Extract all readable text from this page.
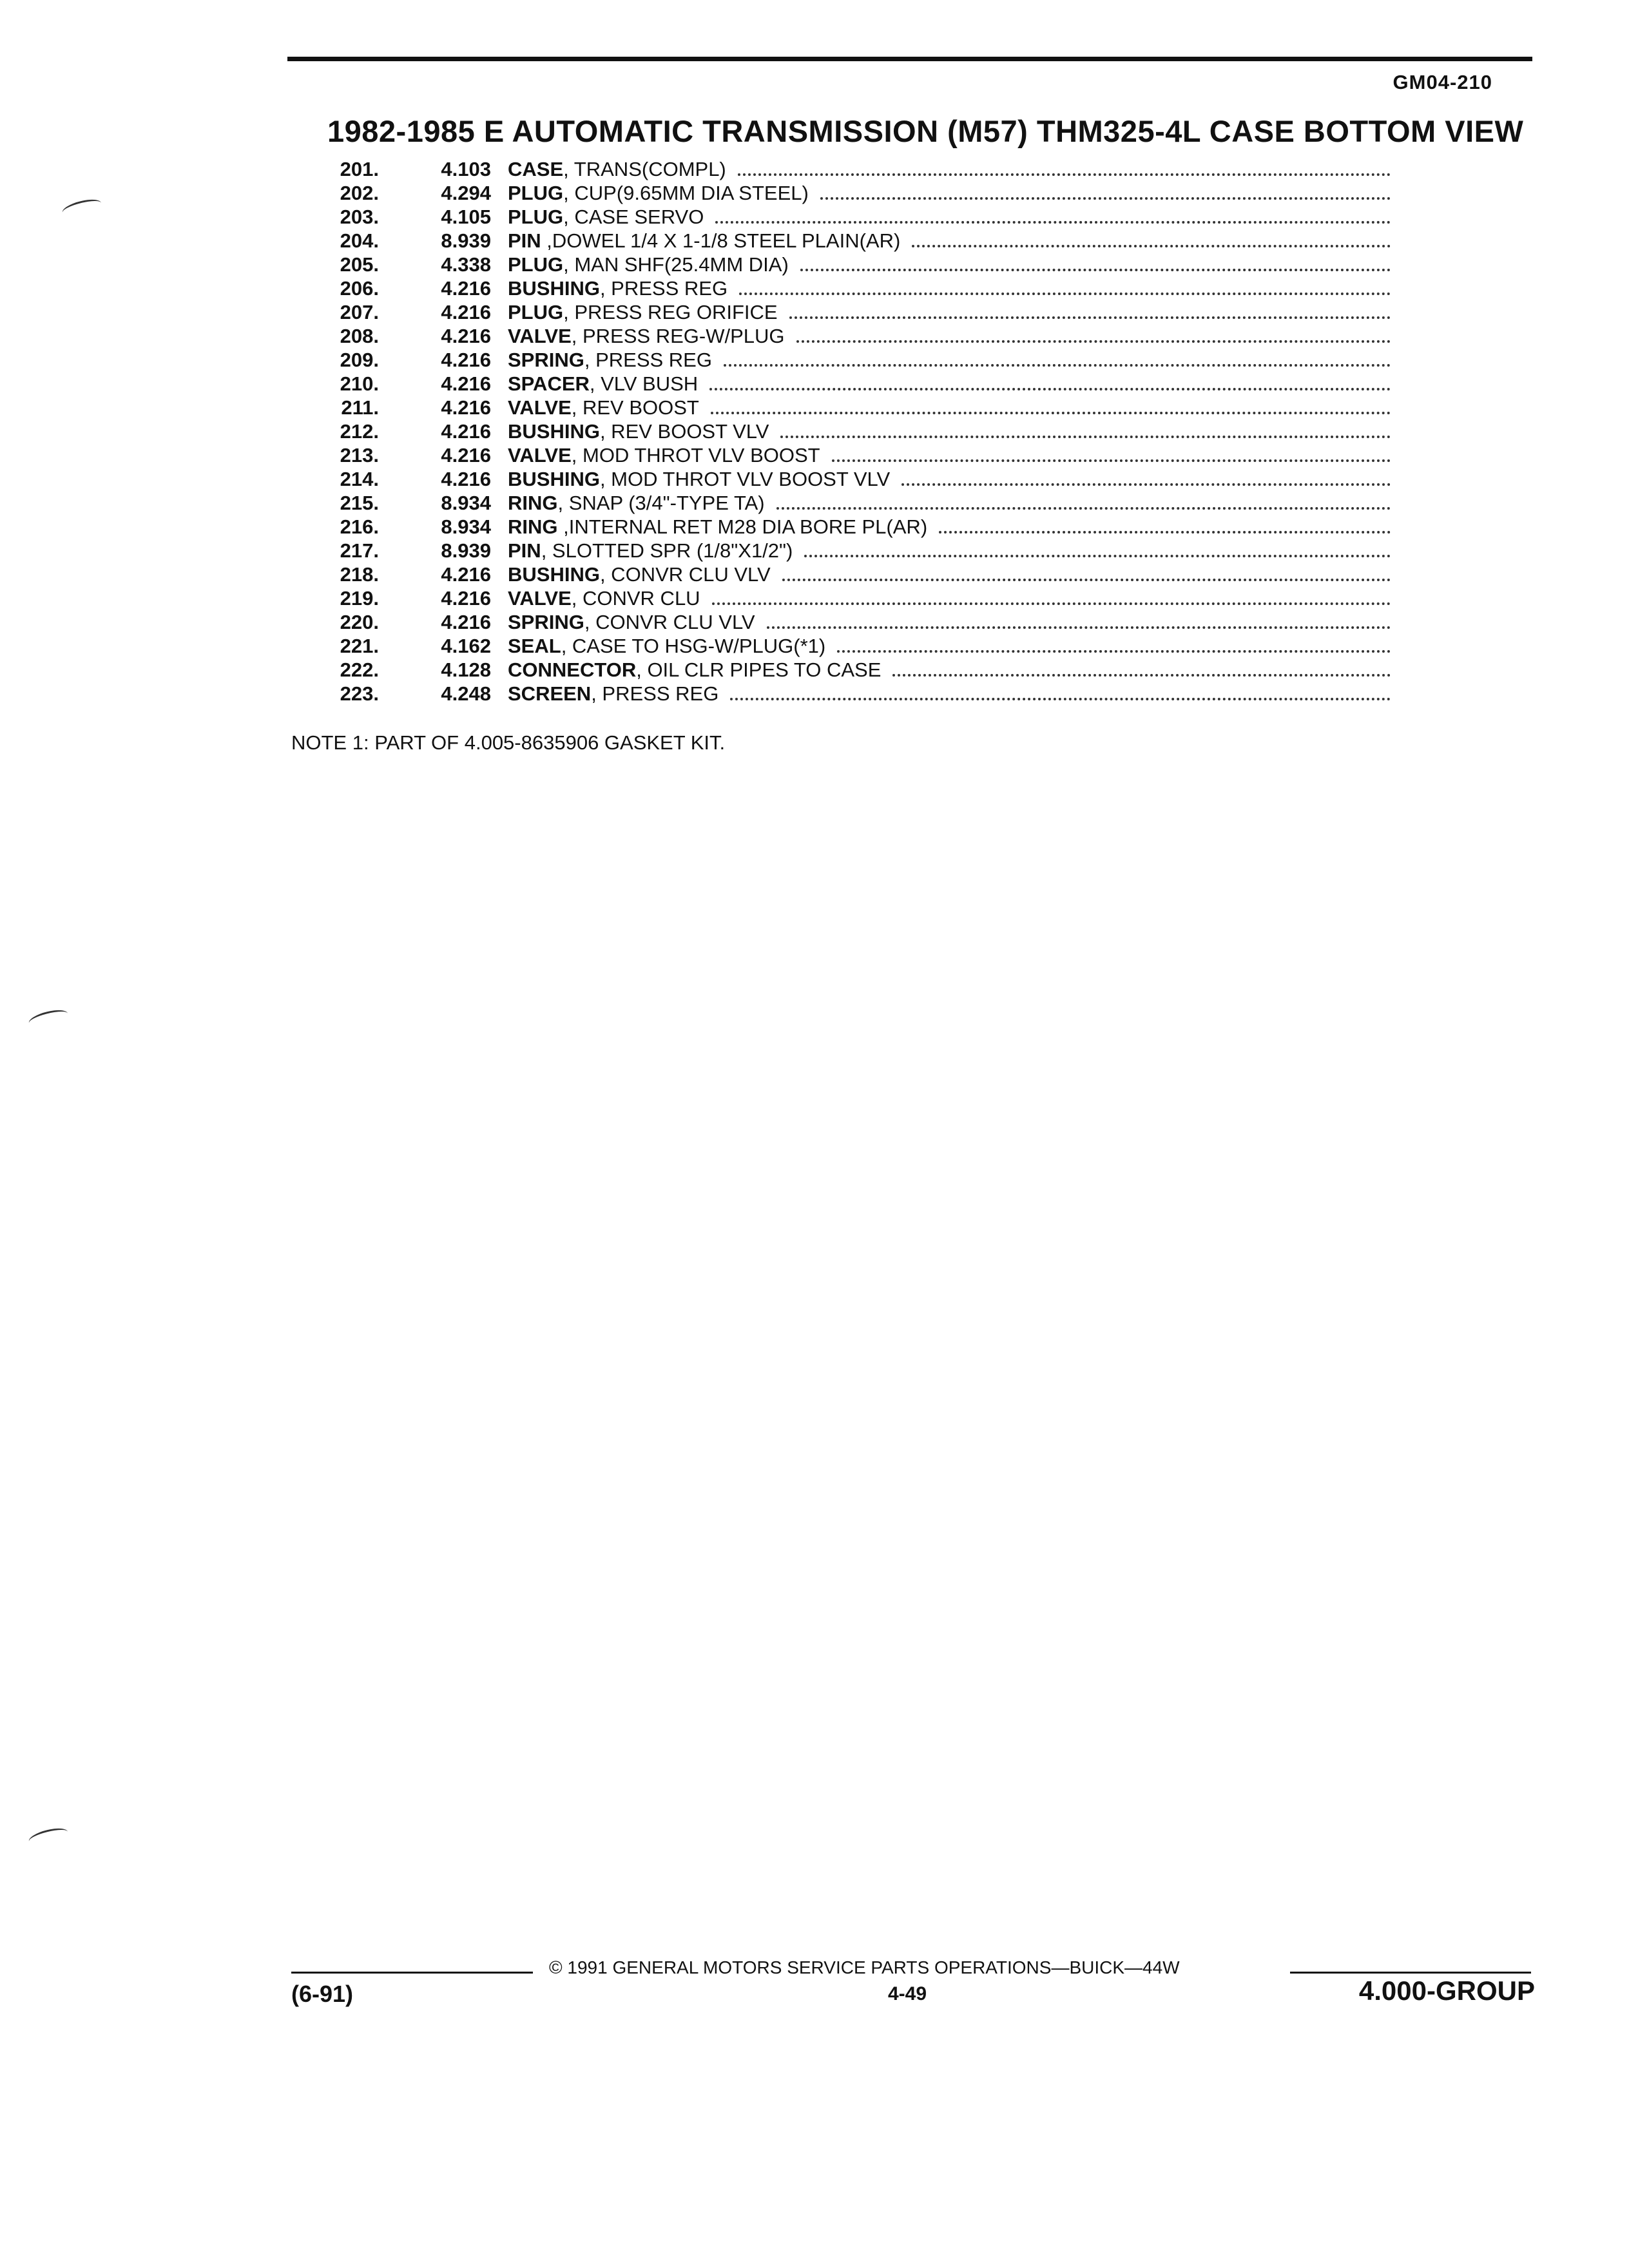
GM04-210
1982-1985 E AUTOMATIC TRANSMISSION (M57) THM325-4L CASE BOTTOM VIEW
201.	4.103 CASE , TRANS(COMPL)
202.	4.294 PLUG , CUP(9.65MM DIA STEEL)
203.	4.105 PLUG , CASE SERVO
204.	8.939 PIN ,DOWEL 1/4 X 1-1/8 STEEL PLAIN(AR)
205.	4.338 PLUG , MAN SHF(25.4MM DIA)
206.	4.216 BUSHING , PRESS REG
207.	4.216 PLUG , PRESS REG ORIFICE
208.	4.216 VALVE , PRESS REG-W/PLUG
209.	4.216 SPRING , PRESS REG
210.	4.216 SPACER , VLV BUSH
211.	4.216 VALVE , REV BOOST
212.	4.216 BUSHING , REV BOOST VLV
213.	4.216 VALVE , MOD THROT VLV BOOST
214.	4.216 BUSHING , MOD THROT VLV BOOST VLV
215.	8.934 RING , SNAP (3/4"-TYPE TA)
216.	8.934 RING ,INTERNAL RET M28 DIA BORE PL(AR)
217.	8.939 PIN , SLOTTED SPR (1/8"X1/2")
218.	4.216 BUSHING , CONVR CLU VLV
219.	4.216 VALVE , CONVR CLU
220.	4.216 SPRING , CONVR CLU VLV
221.	4.162 SEAL , CASE TO HSG-W/PLUG(*1)
222.	4.128 CONNECTOR , OIL CLR PIPES TO CASE
223.	4.248 SCREEN , PRESS REG
NOTE 1: PART OF 4.005-8635906 GASKET KIT.
© 1991 GENERAL MOTORS SERVICE PARTS OPERATIONS—BUICK—44W
(6-91)	4-49	4.000-GROUP
